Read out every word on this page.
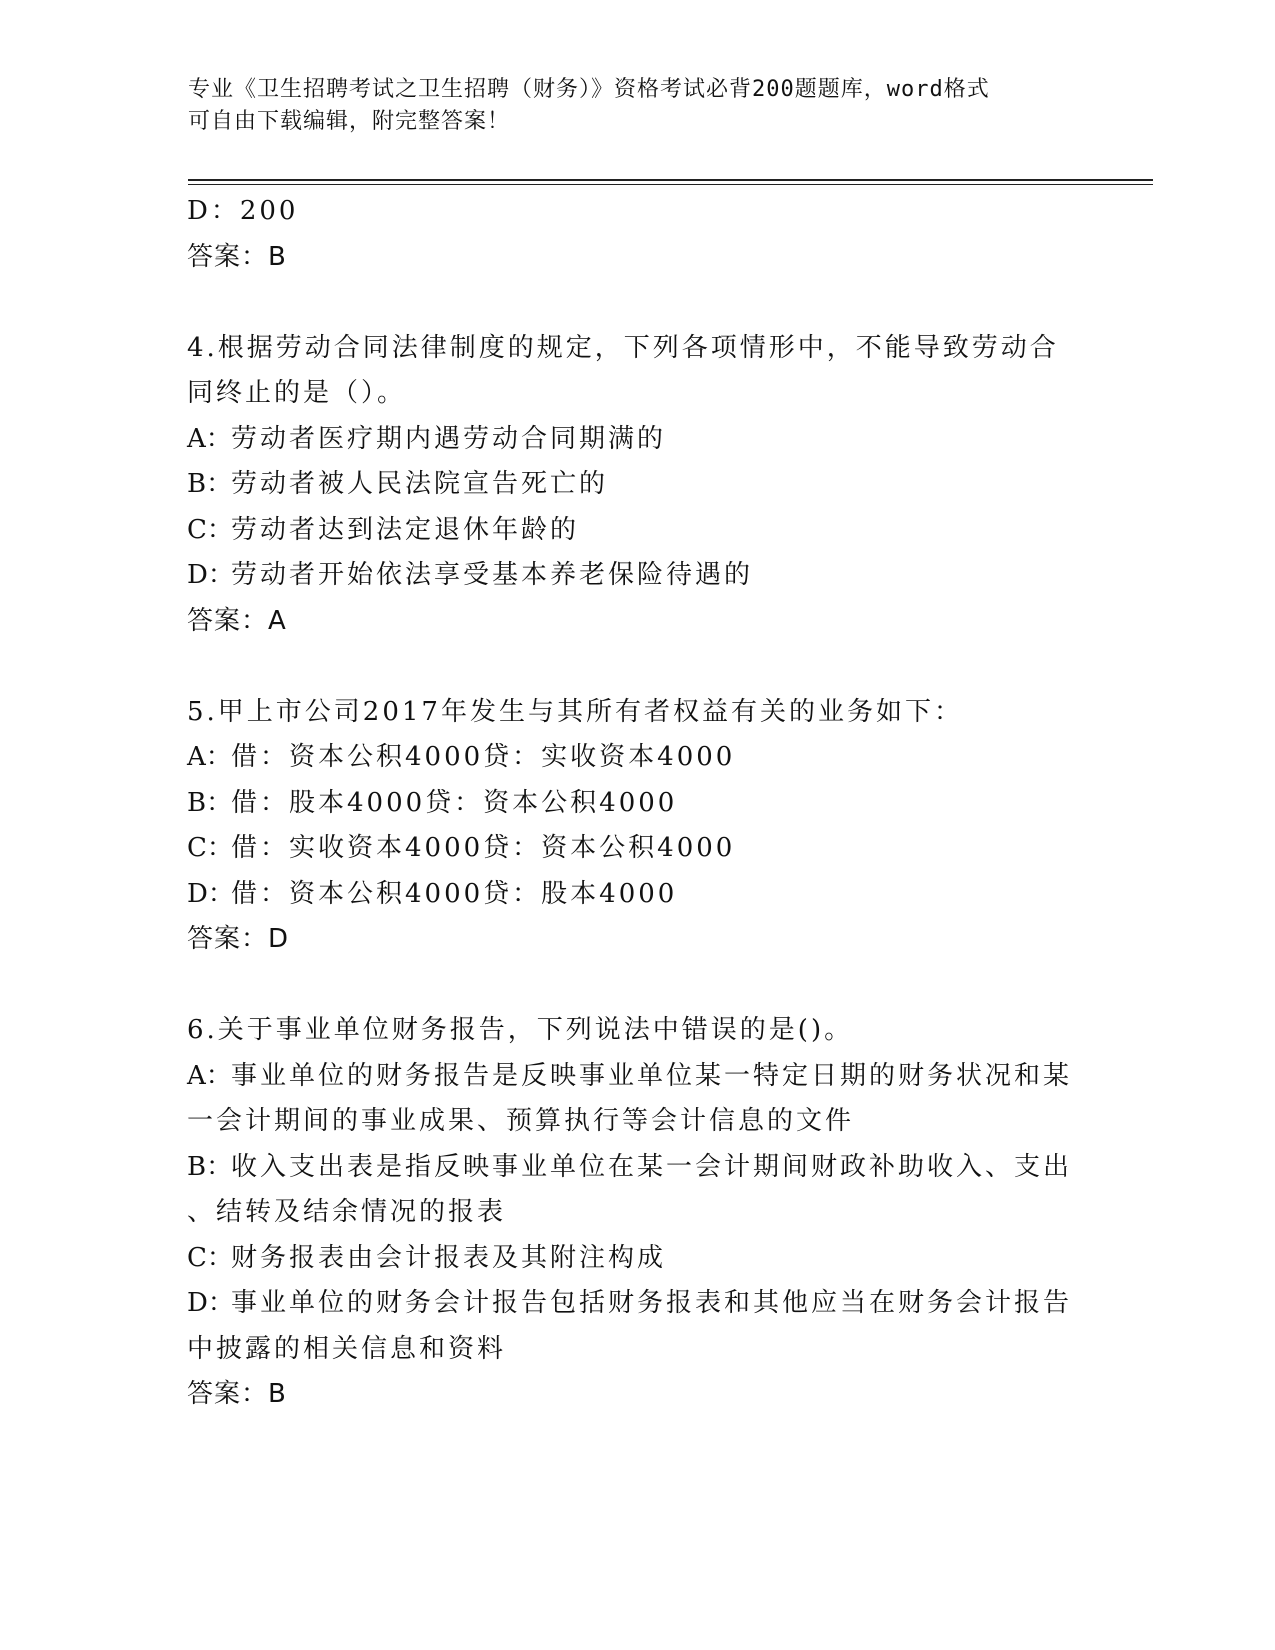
专业《卫生招聘考试之卫生招聘（财务）》资格考试必背200题题库，word格式
可自由下载编辑，附完整答案！

D：200

答案：B

4.根据劳动合同法律制度的规定，下列各项情形中，不能导致劳动合

同终止的是（）。

A：劳动者医疗期内遇劳动合同期满的

B：劳动者被人民法院宣告死亡的

C：劳动者达到法定退休年龄的

D：劳动者开始依法享受基本养老保险待遇的

答案：A

5.甲上市公司2017年发生与其所有者权益有关的业务如下：

A：借：资本公积4000贷：实收资本4000

B：借：股本4000贷：资本公积4000

C：借：实收资本4000贷：资本公积4000

D：借：资本公积4000贷：股本4000

答案：D

6.关于事业单位财务报告，下列说法中错误的是()。

A：事业单位的财务报告是反映事业单位某一特定日期的财务状况和某

一会计期间的事业成果、预算执行等会计信息的文件

B：收入支出表是指反映事业单位在某一会计期间财政补助收入、支出

、结转及结余情况的报表

C：财务报表由会计报表及其附注构成

D：事业单位的财务会计报告包括财务报表和其他应当在财务会计报告

中披露的相关信息和资料

答案：B
